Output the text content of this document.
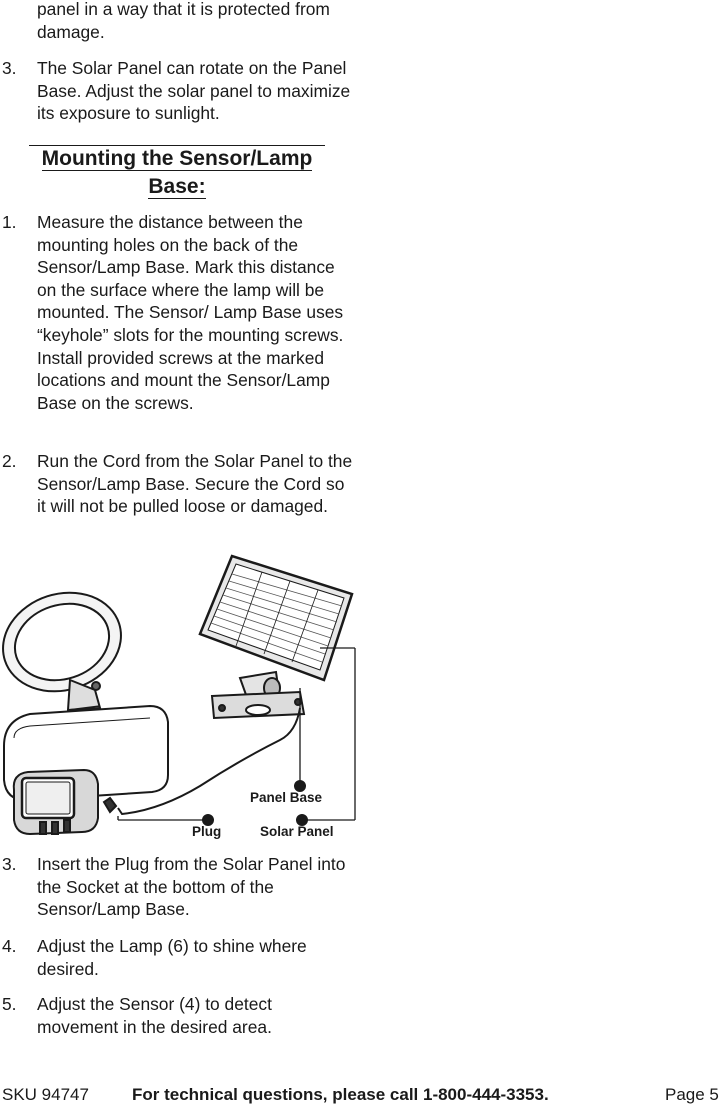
panel in a way that it is protected from damage.
3.	The Solar Panel can rotate on the Panel Base. Adjust the solar panel to maximize its exposure to sunlight.
Mounting the Sensor/Lamp Base:
1.	Measure the distance between the mounting holes on the back of the Sensor/Lamp Base. Mark this distance on the surface where the lamp will be mounted. The Sensor/ Lamp Base uses “keyhole” slots for the mounting screws. Install provided screws at the marked locations and mount the Sensor/Lamp Base on the screws.
2.	Run the Cord from the Solar Panel to the Sensor/Lamp Base. Secure the Cord so it will not be pulled loose or damaged.
Panel Base
Plug	Solar Panel
3.	Insert the Plug from the Solar Panel into the Socket at the bottom of the Sensor/Lamp Base.
4.	Adjust the Lamp (6) to shine where desired.
5.	Adjust the Sensor (4) to detect movement in the desired area.
SKU 94747	For technical questions, please call 1-800-444-3353.	Page 5
